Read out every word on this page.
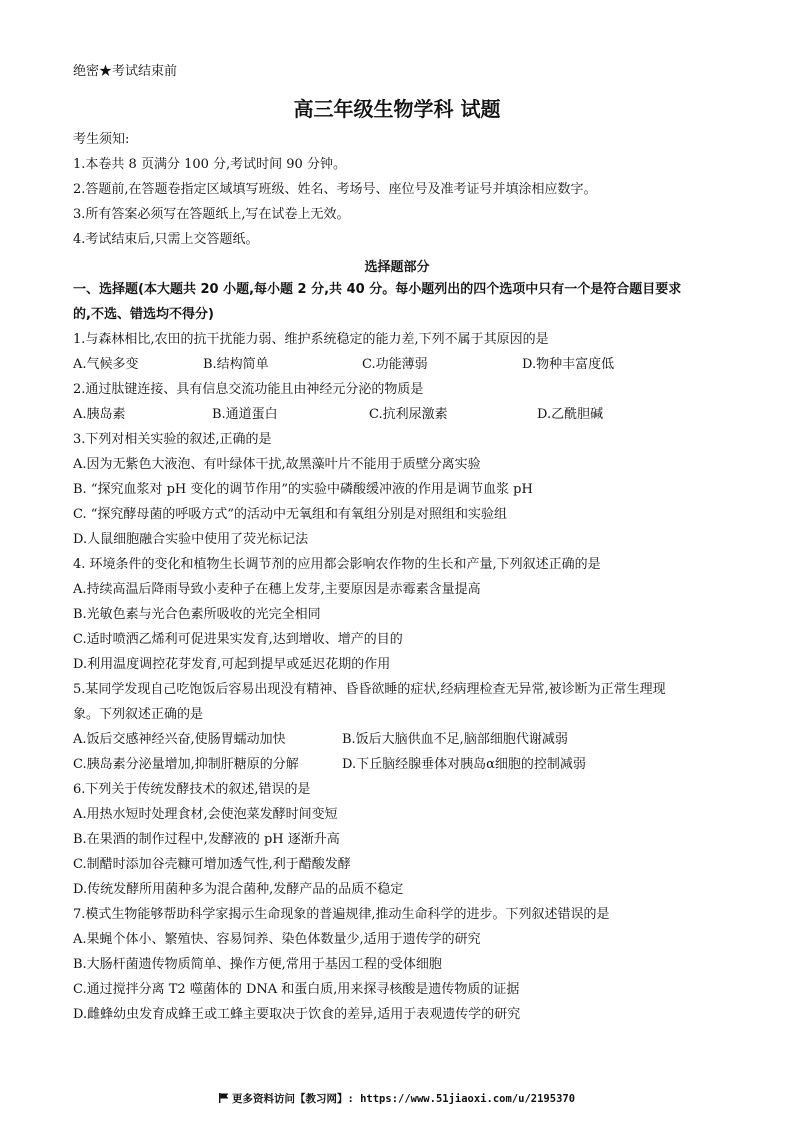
绝密★考试结束前
高三年级生物学科 试题
考生须知:
1.本卷共 8 页满分 100 分,考试时间 90 分钟。
2.答题前,在答题卷指定区域填写班级、姓名、考场号、座位号及准考证号并填涂相应数字。
3.所有答案必须写在答题纸上,写在试卷上无效。
4.考试结束后,只需上交答题纸。
选择题部分
一、选择题(本大题共 20 小题,每小题 2 分,共 40 分。每小题列出的四个选项中只有一个是符合题目要求
的,不选、错选均不得分)
1.与森林相比,农田的抗干扰能力弱、维护系统稳定的能力差,下列不属于其原因的是
A.气候多变	B.结构简单	C.功能薄弱	D.物种丰富度低
2.通过肽键连接、具有信息交流功能且由神经元分泌的物质是
A.胰岛素	B.通道蛋白	C.抗利尿激素	D.乙酰胆碱
3.下列对相关实验的叙述,正确的是
A.因为无紫色大液泡、有叶绿体干扰,故黑藻叶片不能用于质壁分离实验
B. “探究血浆对 pH 变化的调节作用”的实验中磷酸缓冲液的作用是调节血浆 pH
C. “探究酵母菌的呼吸方式”的活动中无氧组和有氧组分别是对照组和实验组
D.人鼠细胞融合实验中使用了荧光标记法
4. 环境条件的变化和植物生长调节剂的应用都会影响农作物的生长和产量,下列叙述正确的是
A.持续高温后降雨导致小麦种子在穗上发芽,主要原因是赤霉素含量提高
B.光敏色素与光合色素所吸收的光完全相同
C.适时喷洒乙烯利可促进果实发育,达到增收、增产的目的
D.利用温度调控花芽发育,可起到提早或延迟花期的作用
5.某同学发现自己吃饱饭后容易出现没有精神、昏昏欲睡的症状,经病理检查无异常,被诊断为正常生理现
象。下列叙述正确的是
A.饭后交感神经兴奋,使肠胃蠕动加快	B.饭后大脑供血不足,脑部细胞代谢减弱
C.胰岛素分泌量增加,抑制肝糖原的分解	D.下丘脑经腺垂体对胰岛α细胞的控制减弱
6.下列关于传统发酵技术的叙述,错误的是
A.用热水短时处理食材,会使泡菜发酵时间变短
B.在果酒的制作过程中,发酵液的 pH 逐渐升高
C.制醋时添加谷壳糠可增加透气性,利于醋酸发酵
D.传统发酵所用菌种多为混合菌种,发酵产品的品质不稳定
7.模式生物能够帮助科学家揭示生命现象的普遍规律,推动生命科学的进步。下列叙述错误的是
A.果蝇个体小、繁殖快、容易饲养、染色体数量少,适用于遗传学的研究
B.大肠杆菌遗传物质简单、操作方便,常用于基因工程的受体细胞
C.通过搅拌分离 T2 噬菌体的 DNA 和蛋白质,用来探寻核酸是遗传物质的证据
D.雌蜂幼虫发育成蜂王或工蜂主要取决于饮食的差异,适用于表观遗传学的研究
更多资料访问【教习网】: https://www.51jiaoxi.com/u/2195370
